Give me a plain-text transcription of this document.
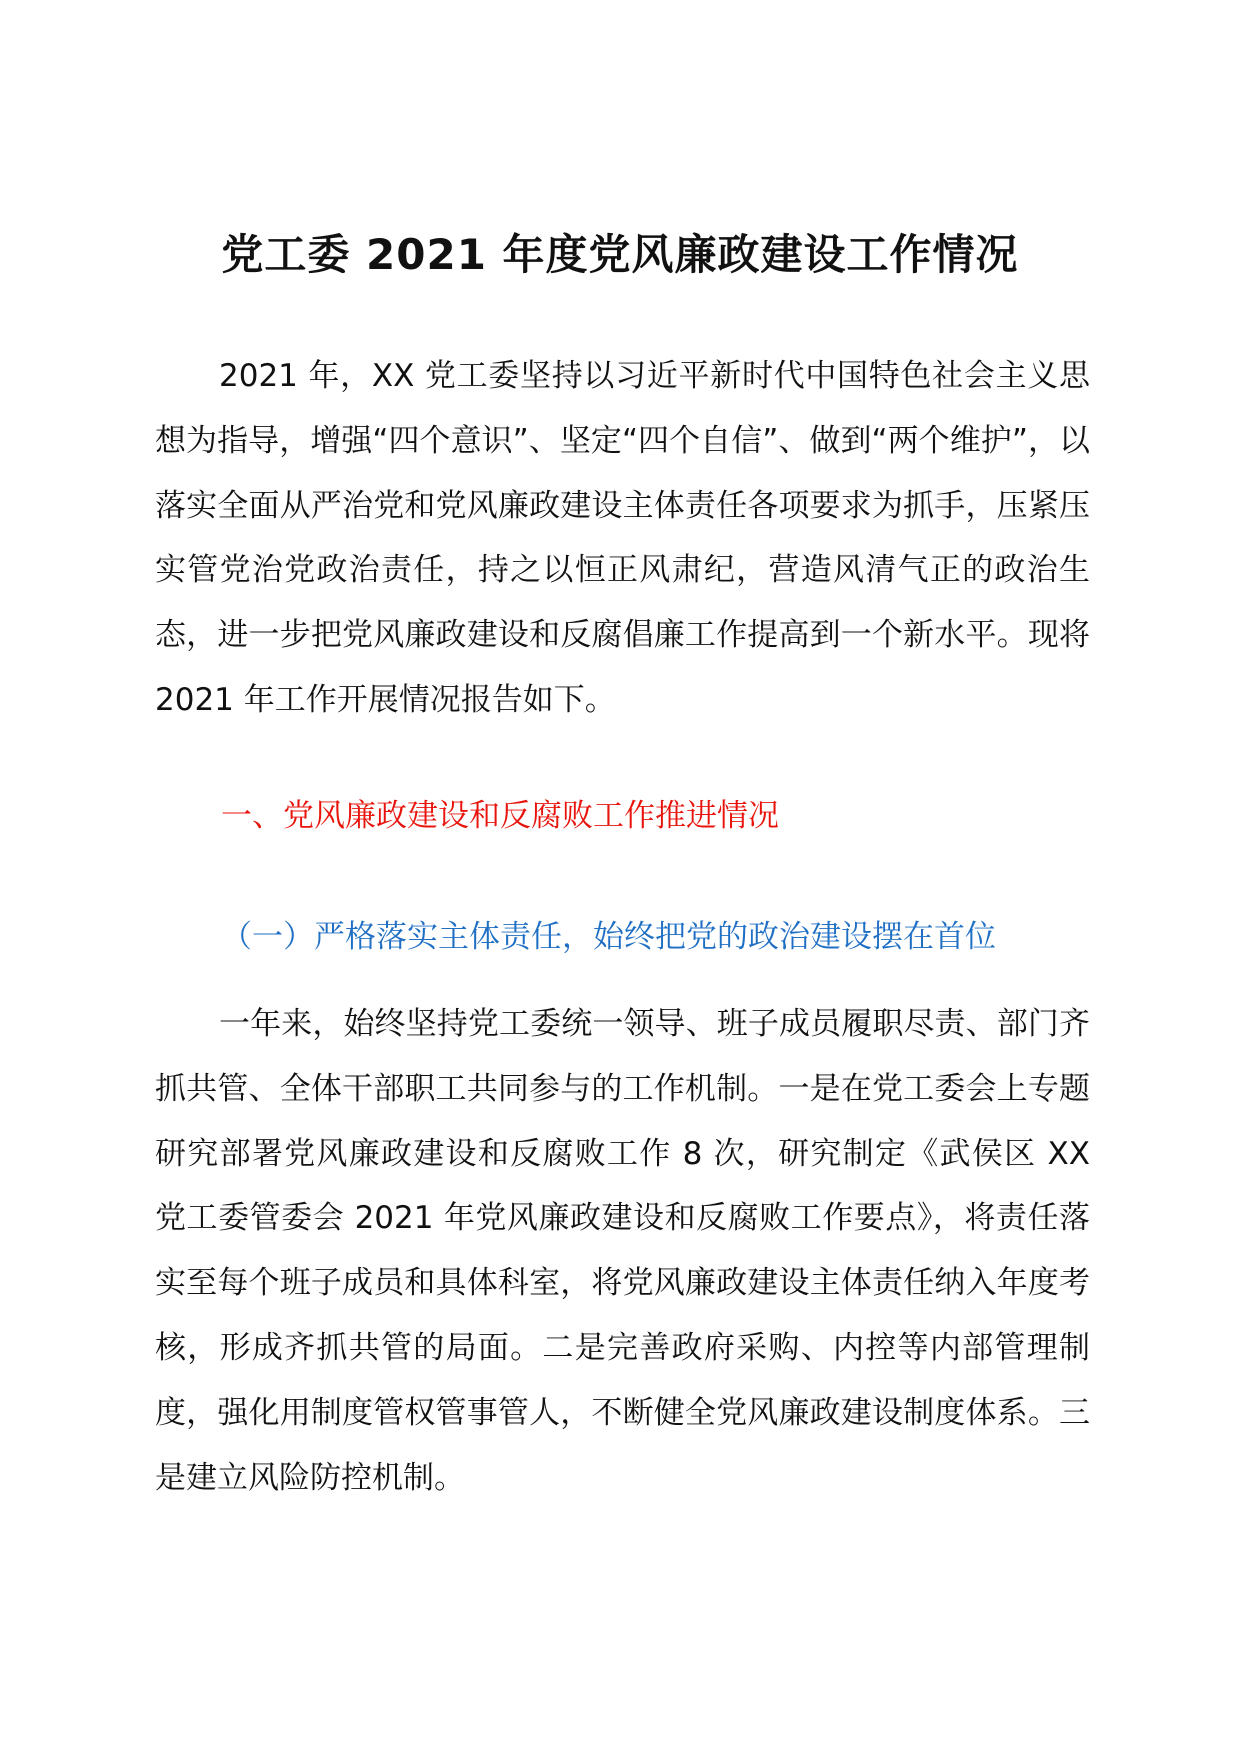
党工委 2021 年度党风廉政建设工作情况

2021 年，XX 党工委坚持以习近平新时代中国特色社会主义思想为指导，增强“四个意识”、坚定“四个自信”、做到“两个维护”，以落实全面从严治党和党风廉政建设主体责任各项要求为抓手，压紧压实管党治党政治责任，持之以恒正风肃纪，营造风清气正的政治生态，进一步把党风廉政建设和反腐倡廉工作提高到一个新水平。现将 2021 年工作开展情况报告如下。

一、党风廉政建设和反腐败工作推进情况
（一）严格落实主体责任，始终把党的政治建设摆在首位

一年来，始终坚持党工委统一领导、班子成员履职尽责、部门齐抓共管、全体干部职工共同参与的工作机制。一是在党工委会上专题研究部署党风廉政建设和反腐败工作 8 次，研究制定《武侯区 XX 党工委管委会 2021 年党风廉政建设和反腐败工作要点》，将责任落实至每个班子成员和具体科室，将党风廉政建设主体责任纳入年度考核，形成齐抓共管的局面。二是完善政府采购、内控等内部管理制度，强化用制度管权管事管人，不断健全党风廉政建设制度体系。三是建立风险防控机制。
